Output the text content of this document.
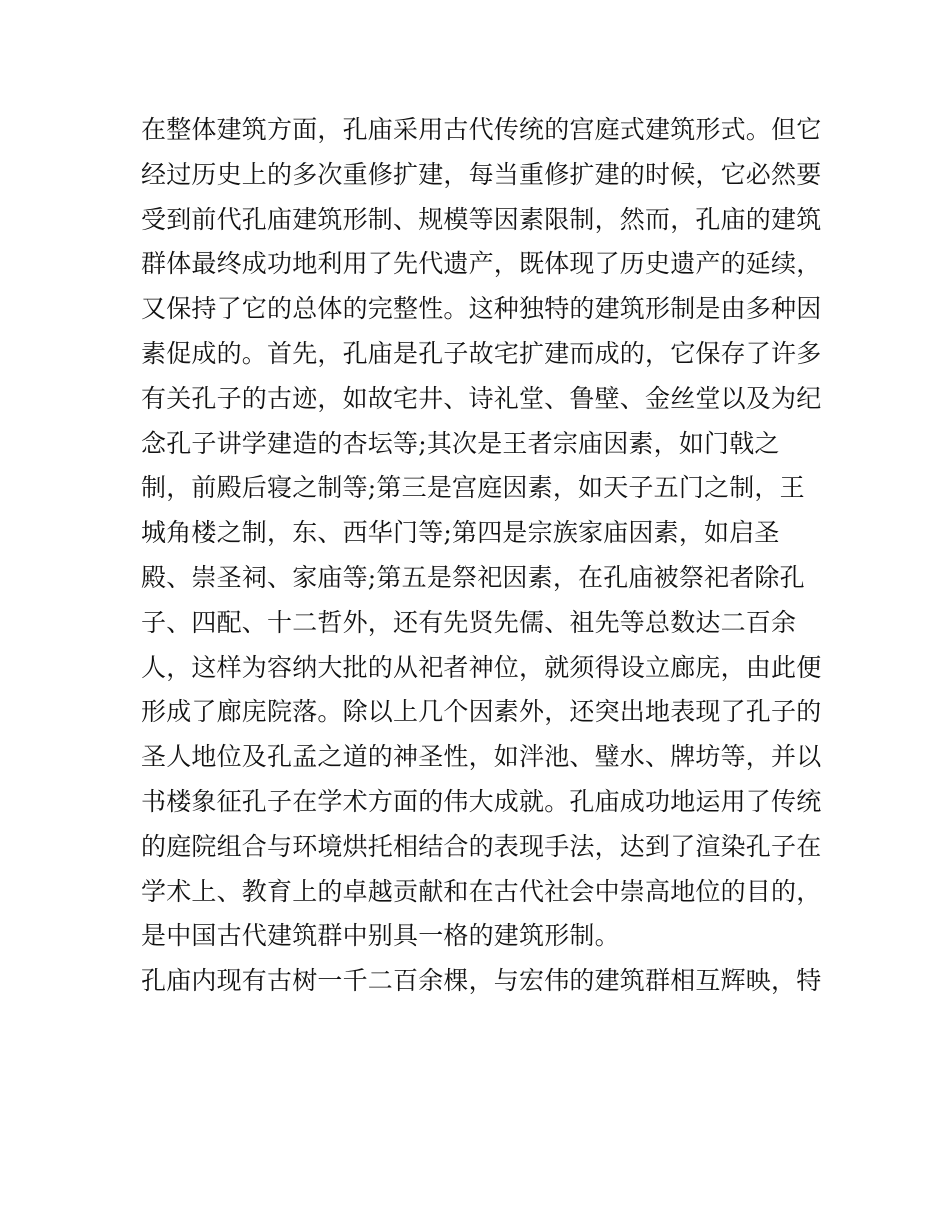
在整体建筑方面，孔庙采用古代传统的宫庭式建筑形式。但它
经过历史上的多次重修扩建，每当重修扩建的时候，它必然要
受到前代孔庙建筑形制、规模等因素限制，然而，孔庙的建筑
群体最终成功地利用了先代遗产，既体现了历史遗产的延续，
又保持了它的总体的完整性。这种独特的建筑形制是由多种因
素促成的。首先，孔庙是孔子故宅扩建而成的，它保存了许多
有关孔子的古迹，如故宅井、诗礼堂、鲁壁、金丝堂以及为纪
念孔子讲学建造的杏坛等;其次是王者宗庙因素，如门戟之
制，前殿后寝之制等;第三是宫庭因素，如天子五门之制，王
城角楼之制，东、西华门等;第四是宗族家庙因素，如启圣
殿、崇圣祠、家庙等;第五是祭祀因素，在孔庙被祭祀者除孔
子、四配、十二哲外，还有先贤先儒、祖先等总数达二百余
人，这样为容纳大批的从祀者神位，就须得设立廊庑，由此便
形成了廊庑院落。除以上几个因素外，还突出地表现了孔子的
圣人地位及孔孟之道的神圣性，如泮池、璧水、牌坊等，并以
书楼象征孔子在学术方面的伟大成就。孔庙成功地运用了传统
的庭院组合与环境烘托相结合的表现手法，达到了渲染孔子在
学术上、教育上的卓越贡献和在古代社会中崇高地位的目的，
是中国古代建筑群中别具一格的建筑形制。
孔庙内现有古树一千二百余棵，与宏伟的建筑群相互辉映，特
